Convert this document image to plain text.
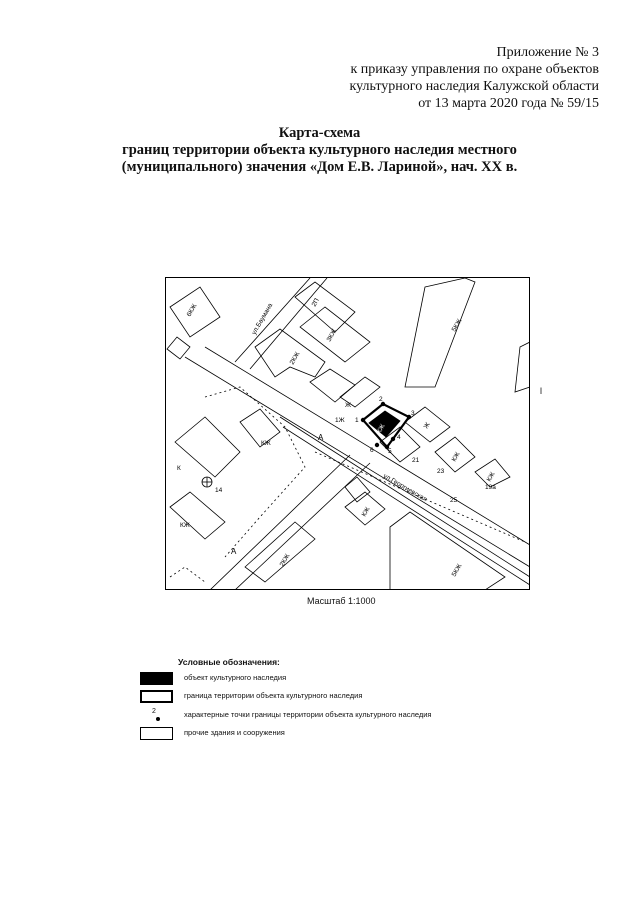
Приложение № 3
к приказу управления по охране объектов
культурного наследия Калужской области
от 13 марта 2020 года № 59/15
Карта-схема
границ территории объекта культурного наследия местного
(муниципального) значения «Дом Е.В. Лариной», нач. XX в.
ул.Баумана
ул.Георгиевская
6КЖ
2П
3КЖ
2КЖ
5КЖ
Ж
1Ж
КЖ	Ж
КЖ
КЖ
К
2КЖ
КЖ
5КЖ
КЖ
КЖ
21
23
25
14	19а
А
А
1
2
3
4
5
6
l
Масштаб 1:1000
Условные обозначения:
объект культурного наследия
граница территории объекта культурного наследия
2	характерные точки границы территории объекта культурного наследия
прочие здания и сооружения
